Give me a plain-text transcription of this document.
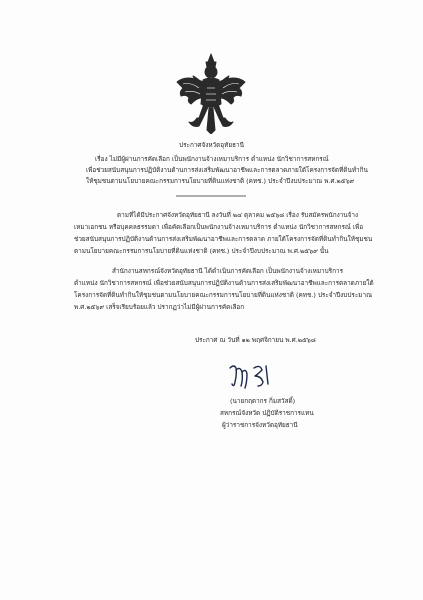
ประกาศจังหวัดอุทัยธานี
เรื่อง ไม่มีผู้ผ่านการคัดเลือก เป็นพนักงานจ้างเหมาบริการ ตำแหน่ง นักวิชาการสหกรณ์
เพื่อช่วยสนับสนุนการปฏิบัติงานด้านการส่งเสริมพัฒนาอาชีพและการตลาดภายใต้โครงการจัดที่ดินทำกิน
ให้ชุมชนตามนโยบายคณะกรรมการนโยบายที่ดินแห่งชาติ (คทช.) ประจำปีงบประมาณ พ.ศ.๒๕๖๙
ตามที่ได้มีประกาศจังหวัดอุทัยธานี ลงวันที่ ๒๔ ตุลาคม ๒๕๖๘ เรื่อง รับสมัครพนักงานจ้าง
เหมาเอกชน หรือบุคคลธรรมดา เพื่อคัดเลือกเป็นพนักงานจ้างเหมาบริการ ตำแหน่ง นักวิชาการสหกรณ์ เพื่อ
ช่วยสนับสนุนการปฏิบัติงานด้านการส่งเสริมพัฒนาอาชีพและการตลาด ภายใต้โครงการจัดที่ดินทำกินให้ชุมชน
ตามนโยบายคณะกรรมการนโยบายที่ดินแห่งชาติ (คทช.) ประจำปีงบประมาณ พ.ศ.๒๕๖๙ นั้น
สำนักงานสหกรณ์จังหวัดอุทัยธานี ได้ดำเนินการคัดเลือก เป็นพนักงานจ้างเหมาบริการ
ตำแหน่ง นักวิชาการสหกรณ์ เพื่อช่วยสนับสนุนการปฏิบัติงานด้านการส่งเสริมพัฒนาอาชีพและการตลาดภายใต้
โครงการจัดที่ดินทำกินให้ชุมชนตามนโยบายคณะกรรมการนโยบายที่ดินแห่งชาติ (คทช.) ประจำปีงบประมาณ
พ.ศ.๒๕๖๙ เสร็จเรียบร้อยแล้ว ปรากฏว่าไม่มีผู้ผ่านการคัดเลือก
ประกาศ ณ วันที่ ๑๒ พฤศจิกายน พ.ศ.๒๕๖๘
(นายกฤตากร กิ่มสวัสดิ์)
สหกรณ์จังหวัด ปฏิบัติราชการแทน
ผู้ว่าราชการจังหวัดอุทัยธานี
